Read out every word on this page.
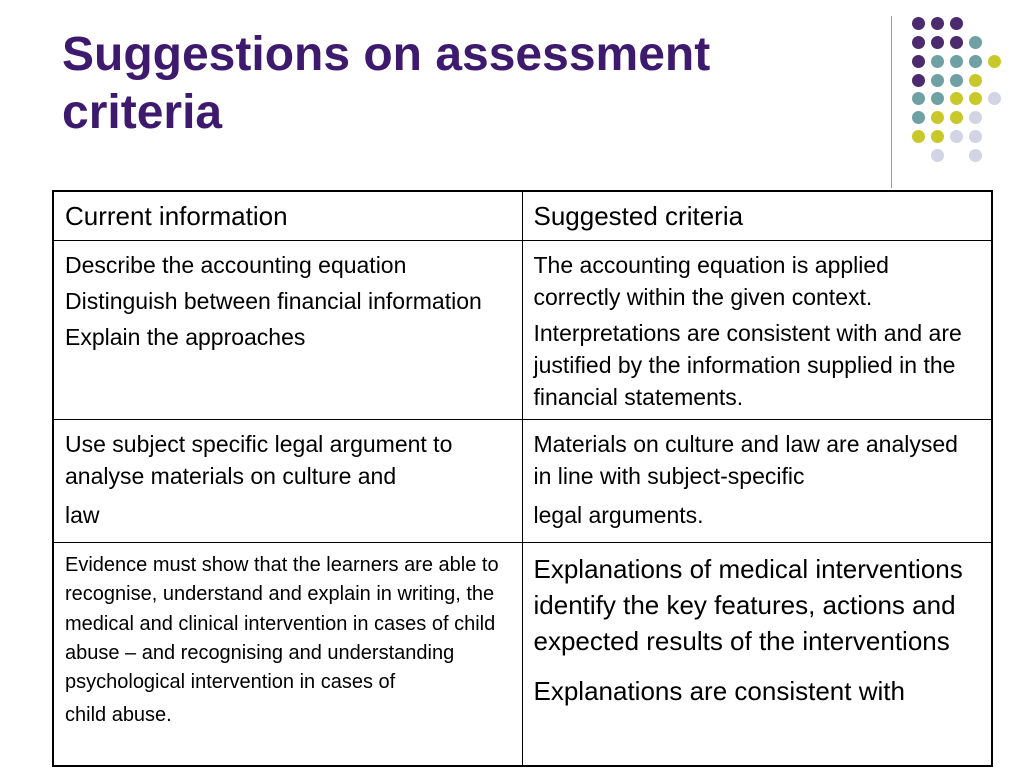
Suggestions on assessment criteria
Current information	Suggested criteria

Describe the accounting equation
Distinguish between financial information
Explain the approaches	The accounting equation is applied correctly within the given context.
Interpretations are consistent with and are justified by the information supplied in the financial statements.

Use subject specific legal argument to analyse materials on culture and
law	Materials on culture and law are analysed in line with subject-specific
legal arguments.

Evidence must show that the learners are able to recognise, understand and explain in writing, the medical and clinical intervention in cases of child abuse – and recognising and understanding psychological intervention in cases of
child abuse.	Explanations of medical interventions identify the key features, actions and expected results of the interventions
Explanations are consistent with
